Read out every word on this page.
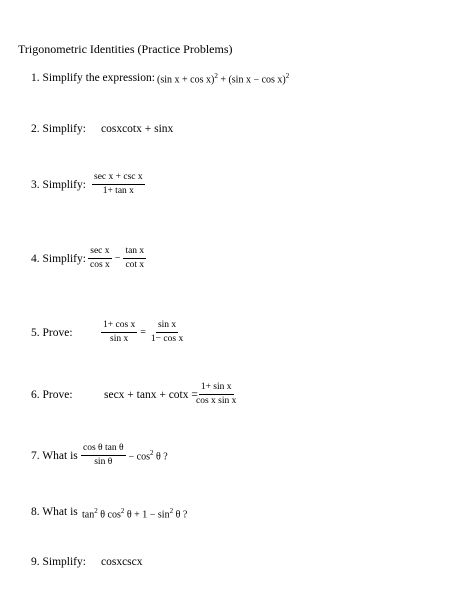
Trigonometric Identities (Practice Problems)
1. Simplify the expression: (sin x + cos x)$^2$ + (sin x − cos x)$^2$
2. Simplify: cosxcotx + sinx
3. Simplify: $\frac{\text{sec x + csc x}}{\text{1+ tan x}}$
4. Simplify: $\frac{\text{sec x}}{\text{cos x}} - \frac{\text{tan x}}{\text{cot x}}$
5. Prove:	$\frac{\text{1+ cos x}}{\text{sin x}} = \frac{\text{sin x}}{\text{1− cos x}}$
6. Prove:	secx + tanx + cotx =
$\frac{\text{1+ sin x}}{\text{cos x sin x}}$
7. What is $\frac{\text{cos θ tan θ}}{\text{sin θ}} - \cos^2 \theta$ ?
8. What is $\tan^2 \theta$ $\cos^2 \theta + 1 - \sin^2 \theta$ ?
9. Simplify: cosxcscx
